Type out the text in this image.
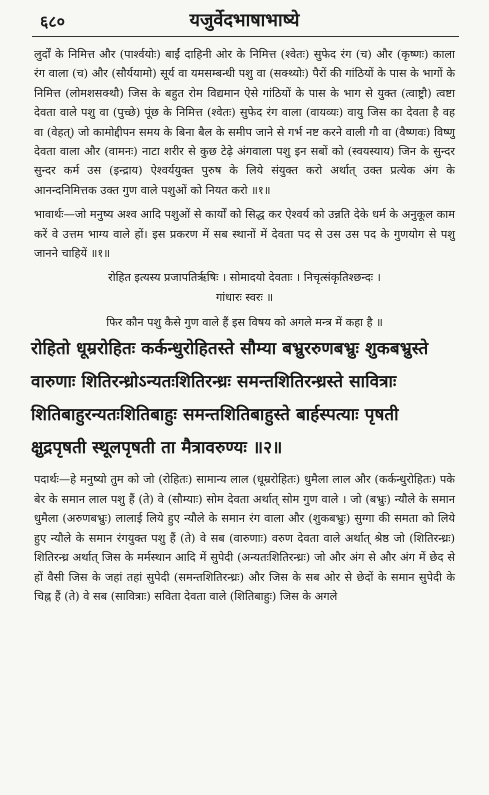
६८०	यजुर्वेदभाषाभाष्ये

लुर्दों के निमित्त और (पार्श्वयोः) बाईं दाहिनी ओर के निमित्त (श्वेतः) सुफेद रंग (च) और (कृष्णः) काला रंग वाला (च) और (सौर्ययामो) सूर्य वा यमसम्बन्धी पशु वा (सक्थ्योः) पैरों की गांठियों के पास के भागों के निमित्त (लोमशसक्थौ) जिस के बहुत रोम विद्यमान ऐसे गांठियों के पास के भाग से युक्त (त्वाष्ट्रौ) त्वष्टा देवता वाले पशु वा (पुच्छे) पूंछ के निमित्त (श्वेतः) सुफेद रंग वाला (वायव्यः) वायु जिस का देवता है वह वा (वेहत्) जो कामोद्दीपन समय के बिना बैल के समीप जाने से गर्भ नष्ट करने वाली गौ वा (वैष्णवः) विष्णु देवता वाला और (वामनः) नाटा शरीर से कुछ टेढ़े अंगवाला पशु इन सबों को (स्वयस्याय) जिन के सुन्दर सुन्दर कर्म उस (इन्द्राय) ऐश्वर्ययुक्त पुरुष के लिये संयुक्त करो अर्थात् उक्त प्रत्येक अंग के आनन्दनिमित्तक उक्त गुण वाले पशुओं को नियत करो ॥१॥

भावार्थः—जो मनुष्य अश्व आदि पशुओं से कार्यों को सिद्ध कर ऐश्वर्य को उन्नति देके धर्म के अनुकूल काम करें वे उत्तम भाग्य वाले हों। इस प्रकरण में सब स्थानों में देवता पद से उस उस पद के गुणयोग से पशु जानने चाहियें ॥१॥

रोहित इत्यस्य प्रजापतिर्ऋषिः । सोमादयो देवताः । निचृत्संकृतिश्छन्दः ।

गांधारः स्वरः ॥

फिर कौन पशु कैसे गुण वाले हैं इस विषय को अगले मन्त्र में कहा है ॥

रोहितो धूम्ररोहितः कर्कन्धुरोहितस्ते सौम्या बभ्रुररुणबभ्रुः शुकबभ्रुस्ते वारुणाः शितिरन्ध्रोऽन्यतःशितिरन्ध्रः समन्तशितिरन्ध्रस्ते सावित्राः शितिबाहुरन्यतःशितिबाहुः समन्तशितिबाहुस्ते बार्हस्पत्याः पृषती क्षुद्रपृषती स्थूलपृषती ता मैत्रावरुण्यः ॥२॥

पदार्थः—हे मनुष्यो तुम को जो (रोहितः) सामान्य लाल (धूम्ररोहितः) धुमैला लाल और (कर्कन्धुरोहितः) पके बेर के समान लाल पशु हैं (ते) वे (सौम्याः) सोम देवता अर्थात् सोम गुण वाले । जो (बभ्रुः) न्यौले के समान धुमैला (अरुणबभ्रुः) लालाई लिये हुए न्यौले के समान रंग वाला और (शुकबभ्रुः) सुग्गा की समता को लिये हुए न्यौले के समान रंगयुक्त पशु हैं (ते) वे सब (वारुणाः) वरुण देवता वाले अर्थात् श्रेष्ठ जो (शितिरन्ध्रः) शितिरन्ध्र अर्थात् जिस के मर्मस्थान आदि में सुपेदी (अन्यतःशितिरन्ध्रः) जो और अंग से और अंग में छेद से हों वैसी जिस के जहां तहां सुपेदी (समन्तशितिरन्ध्रः) और जिस के सब ओर से छेदों के समान सुपेदी के चिह्न हैं (ते) वे सब (सावित्राः) सविता देवता वाले (शितिबाहुः) जिस के अगले
